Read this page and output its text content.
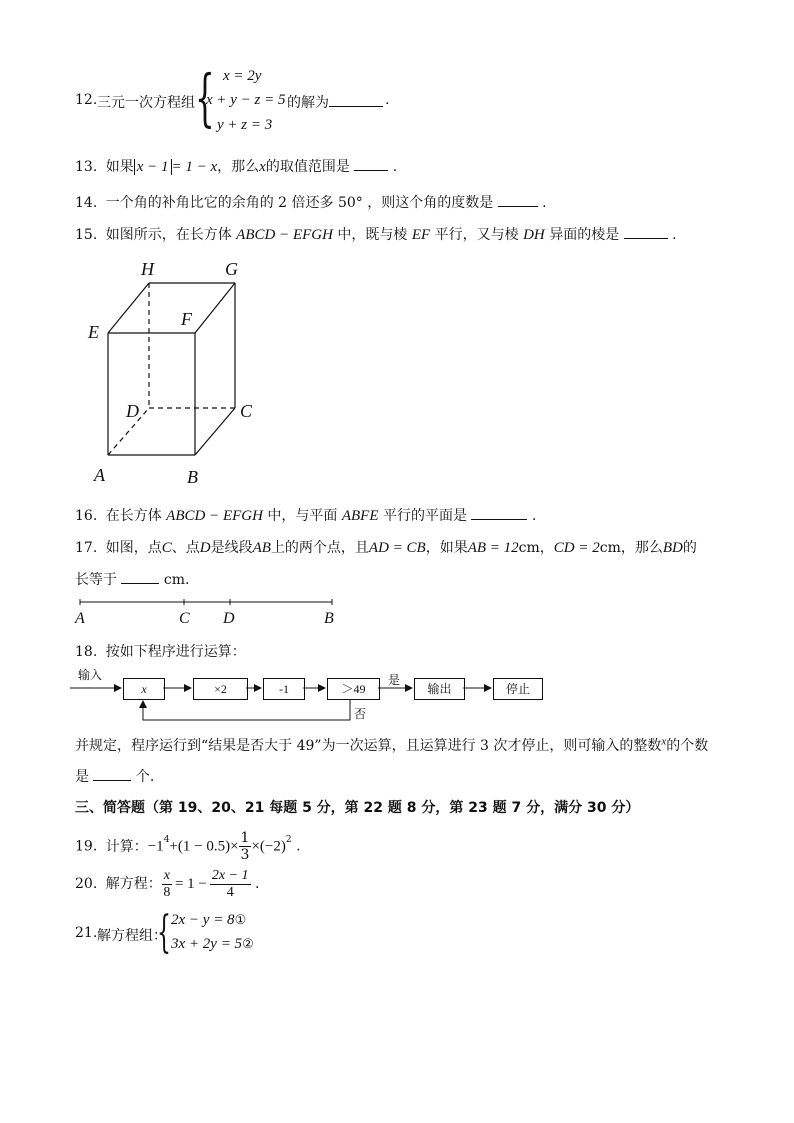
12. 三元一次方程组 { x = 2y
x + y − z = 5
y + z = 3
的解为	.
13. 如果 x − 1 = 1 − x，那么x的取值范围是	.
14. 一个角的补角比它的余角的 2 倍还多 50° ，则这个角的度数是	.
15. 如图所示，在长方体 ABCD − EFGH 中，既与棱 EF 平行，又与棱 DH 异面的棱是	.
H	G
E
F
D	C
A	B
16. 在长方体 ABCD − EFGH 中，与平面 ABFE 平行的平面是	.
17. 如图，点C、点D是线段AB上的两个点，且AD = CB，如果AB = 12cm，CD = 2cm，那么BD的
长等于	cm.
A	C D	B
18. 按如下程序进行运算：
输入
x	×2	-1	＞49
是
否
输出	停止
并规定，程序运行到“结果是否大于 49”为一次运算，且运算进行 3 次才停止，则可输入的整数$^x$的个数
是	个.
三、简答题（第 19、20、21 每题 5 分，第 22 题 8 分，第 23 题 7 分，满分 30 分）
19. 计算：$-1^4+(1 - 0.5)\times \frac{1}{3} \times(-2)^2$ .
20. 解方程： $\frac{x}{8} = 1 - \frac{2x - 1}{4}$ .
21. 解方程组：
{ 2x − y = 8①
3x + 2y = 5②
